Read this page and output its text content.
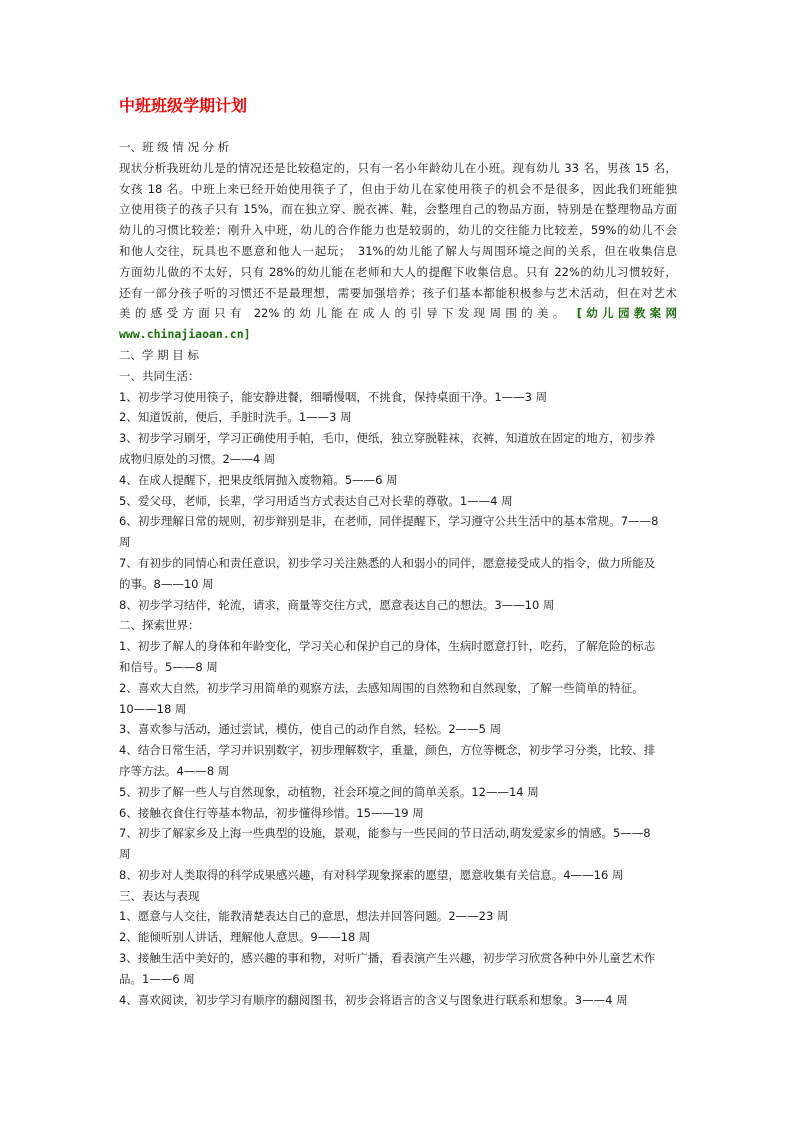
中班班级学期计划
一、班 级 情 况 分 析
现状分析我班幼儿是的情况还是比较稳定的，只有一名小年龄幼儿在小班。现有幼儿 33 名，男孩 15 名，
女孩 18 名。中班上来已经开始使用筷子了，但由于幼儿在家使用筷子的机会不是很多，因此我们班能独
立使用筷子的孩子只有 15%，而在独立穿、脱衣裤、鞋，会整理自己的物品方面，特别是在整理物品方面
幼儿的习惯比较差；刚升入中班，幼儿的合作能力也是较弱的，幼儿的交往能力比较差，59%的幼儿不会
和他人交往，玩具也不愿意和他人一起玩；　31%的幼儿能了解人与周围环境之间的关系，但在收集信息
方面幼儿做的不太好，只有 28%的幼儿能在老师和大人的提醒下收集信息。只有 22%的幼儿习惯较好，
还有一部分孩子听的习惯还不是最理想，需要加强培养；孩子们基本都能积极参与艺术活动，但在对艺术
美的感受方面只有 22%的幼儿能在成人的引导下发现周围的美。 [幼儿园教案网
www.chinajiaoan.cn]
二、学 期 目 标
一、共同生活：
1、初步学习使用筷子，能安静进餐，细嚼慢咽，不挑食，保持桌面干净。1——3 周
2、知道饭前，便后，手脏时洗手。1——3 周
3、初步学习刷牙，学习正确使用手帕，毛巾，便纸，独立穿脱鞋袜，衣裤，知道放在固定的地方，初步养
成物归原处的习惯。2——4 周
4、在成人提醒下，把果皮纸屑抛入废物箱。5——6 周
5、爱父母，老师，长辈，学习用适当方式表达自己对长辈的尊敬。1——4 周
6、初步理解日常的规则，初步辩别是非，在老师，同伴提醒下，学习遵守公共生活中的基本常规。7——8
周
7、有初步的同情心和责任意识，初步学习关注熟悉的人和弱小的同伴，愿意接受成人的指令，做力所能及
的事。8——10 周
8、初步学习结伴，轮流，请求，商量等交往方式，愿意表达自己的想法。3——10 周
二、探索世界：
1、初步了解人的身体和年龄变化，学习关心和保护自己的身体，生病时愿意打针，吃药，了解危险的标志
和信号。5——8 周
2、喜欢大自然，初步学习用简单的观察方法，去感知周围的自然物和自然现象，了解一些简单的特征。
10——18 周
3、喜欢参与活动，通过尝试，模仿，使自己的动作自然，轻松。2——5 周
4、结合日常生活，学习并识别数字，初步理解数字，重量，颜色，方位等概念，初步学习分类，比较、排
序等方法。4——8 周
5、初步了解一些人与自然现象，动植物，社会环境之间的简单关系。12——14 周
6、接触衣食住行等基本物品，初步懂得珍惜。15——19 周
7、初步了解家乡及上海一些典型的设施，景观，能参与一些民间的节日活动,萌发爱家乡的情感。5——8
周
8、初步对人类取得的科学成果感兴趣，有对科学现象探索的愿望，愿意收集有关信息。4——16 周
三、表达与表现
1、愿意与人交往，能教清楚表达自己的意思，想法并回答问题。2——23 周
2、能倾听别人讲话，理解他人意思。9——18 周
3、接触生活中美好的，感兴趣的事和物，对听广播，看表演产生兴趣，初步学习欣赏各种中外儿童艺术作
品。1——6 周
4、喜欢阅读，初步学习有顺序的翻阅图书，初步会将语言的含义与图象进行联系和想象。3——4 周
